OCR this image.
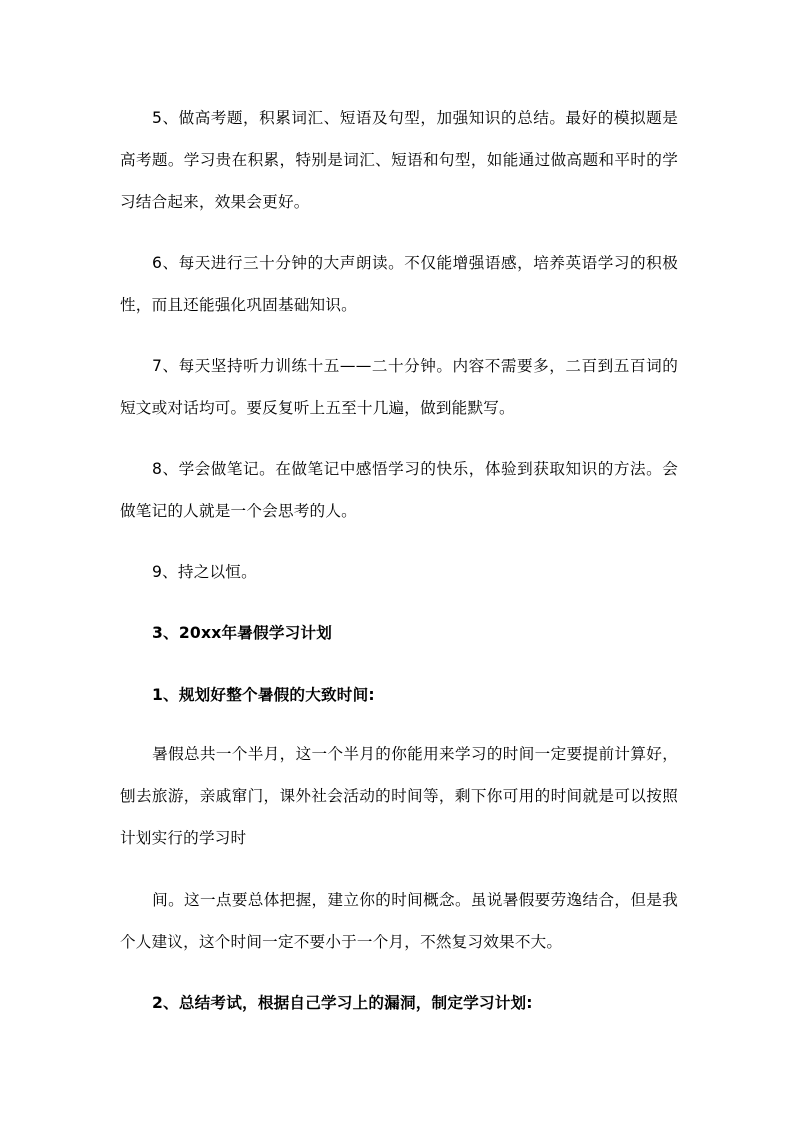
5、做高考题，积累词汇、短语及句型，加强知识的总结。最好的模拟题是高考题。学习贵在积累，特别是词汇、短语和句型，如能通过做高题和平时的学习结合起来，效果会更好。

6、每天进行三十分钟的大声朗读。不仅能增强语感，培养英语学习的积极性，而且还能强化巩固基础知识。

7、每天坚持听力训练十五——二十分钟。内容不需要多，二百到五百词的短文或对话均可。要反复听上五至十几遍，做到能默写。

8、学会做笔记。在做笔记中感悟学习的快乐，体验到获取知识的方法。会做笔记的人就是一个会思考的人。

9、持之以恒。

3、20xx年暑假学习计划

1、规划好整个暑假的大致时间:

暑假总共一个半月，这一个半月的你能用来学习的时间一定要提前计算好，刨去旅游，亲戚窜门，课外社会活动的时间等，剩下你可用的时间就是可以按照计划实行的学习时

间。这一点要总体把握，建立你的时间概念。虽说暑假要劳逸结合，但是我个人建议，这个时间一定不要小于一个月，不然复习效果不大。

2、总结考试，根据自己学习上的漏洞，制定学习计划:
